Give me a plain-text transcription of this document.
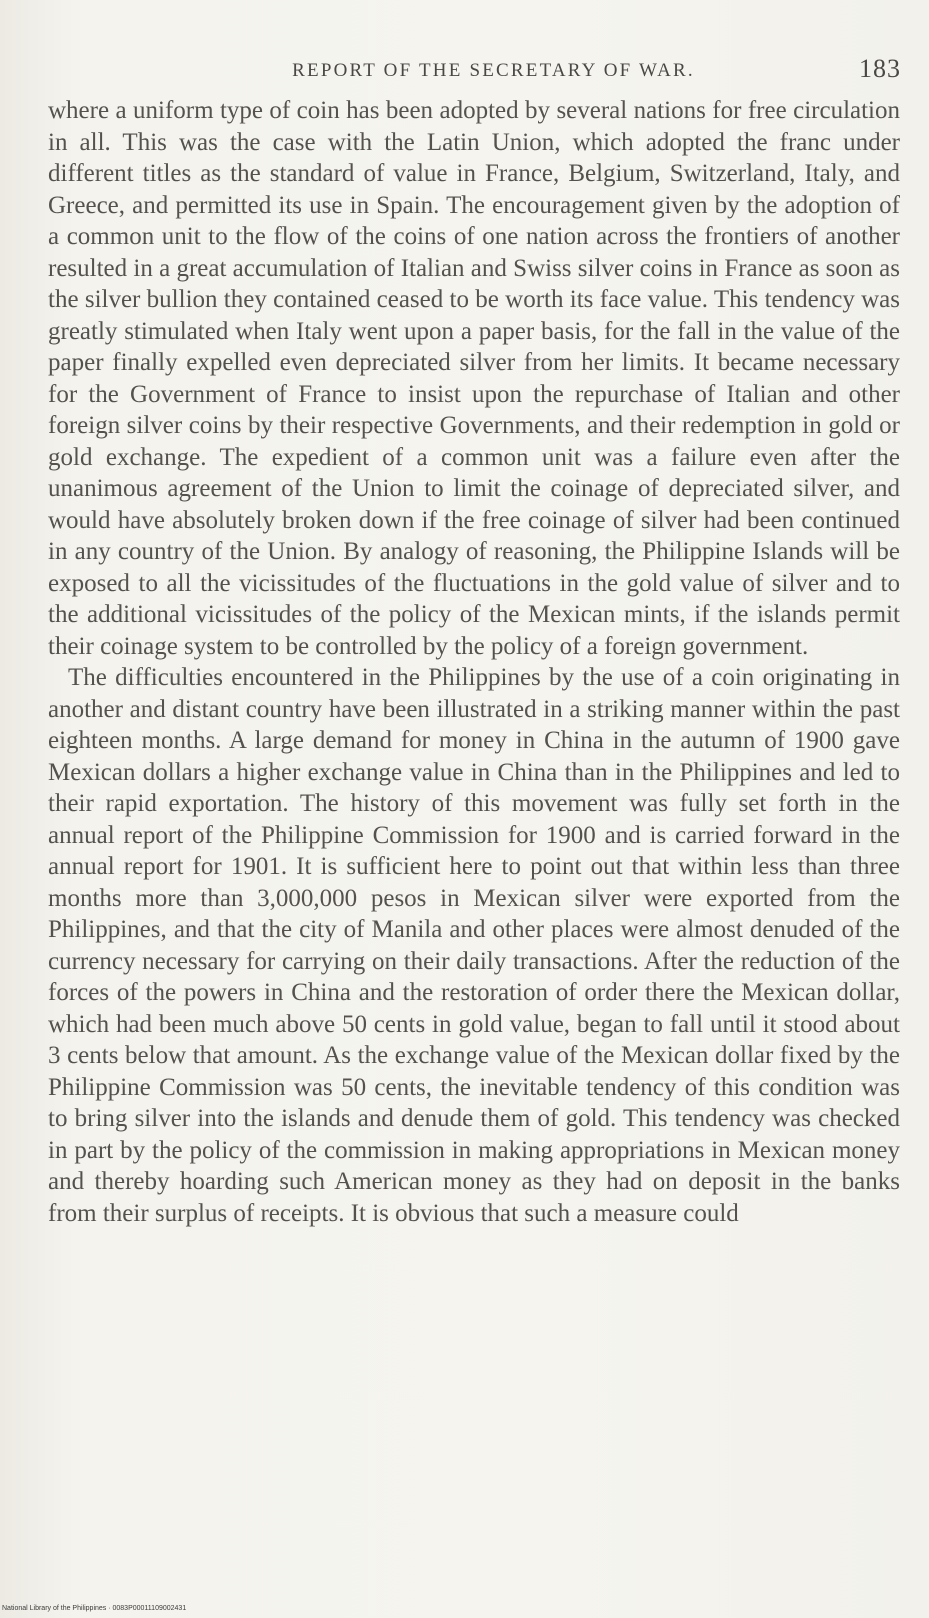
REPORT OF THE SECRETARY OF WAR.	183

where a uniform type of coin has been adopted by several nations for free circulation in all. This was the case with the Latin Union, which adopted the franc under different titles as the standard of value in France, Belgium, Switzerland, Italy, and Greece, and permitted its use in Spain. The encouragement given by the adoption of a common unit to the flow of the coins of one nation across the frontiers of another resulted in a great accumulation of Italian and Swiss silver coins in France as soon as the silver bullion they contained ceased to be worth its face value. This tendency was greatly stimulated when Italy went upon a paper basis, for the fall in the value of the paper finally expelled even depreciated silver from her limits. It became necessary for the Government of France to insist upon the repurchase of Italian and other foreign silver coins by their respective Governments, and their redemption in gold or gold exchange. The expedient of a common unit was a failure even after the unanimous agreement of the Union to limit the coinage of depreciated silver, and would have absolutely broken down if the free coinage of silver had been continued in any country of the Union. By analogy of reasoning, the Philippine Islands will be exposed to all the vicissitudes of the fluctuations in the gold value of silver and to the additional vicissitudes of the policy of the Mexican mints, if the islands permit their coinage system to be controlled by the policy of a foreign government.

The difficulties encountered in the Philippines by the use of a coin originating in another and distant country have been illustrated in a striking manner within the past eighteen months. A large demand for money in China in the autumn of 1900 gave Mexican dollars a higher exchange value in China than in the Philippines and led to their rapid exportation. The history of this movement was fully set forth in the annual report of the Philippine Commission for 1900 and is carried forward in the annual report for 1901. It is sufficient here to point out that within less than three months more than 3,000,000 pesos in Mexican silver were exported from the Philippines, and that the city of Manila and other places were almost denuded of the currency necessary for carrying on their daily transactions. After the reduction of the forces of the powers in China and the restoration of order there the Mexican dollar, which had been much above 50 cents in gold value, began to fall until it stood about 3 cents below that amount. As the exchange value of the Mexican dollar fixed by the Philippine Commission was 50 cents, the inevitable tendency of this condition was to bring silver into the islands and denude them of gold. This tendency was checked in part by the policy of the commission in making appropriations in Mexican money and thereby hoarding such American money as they had on deposit in the banks from their surplus of receipts. It is obvious that such a measure could

National Library of the Philippines · 0083P00011109002431
